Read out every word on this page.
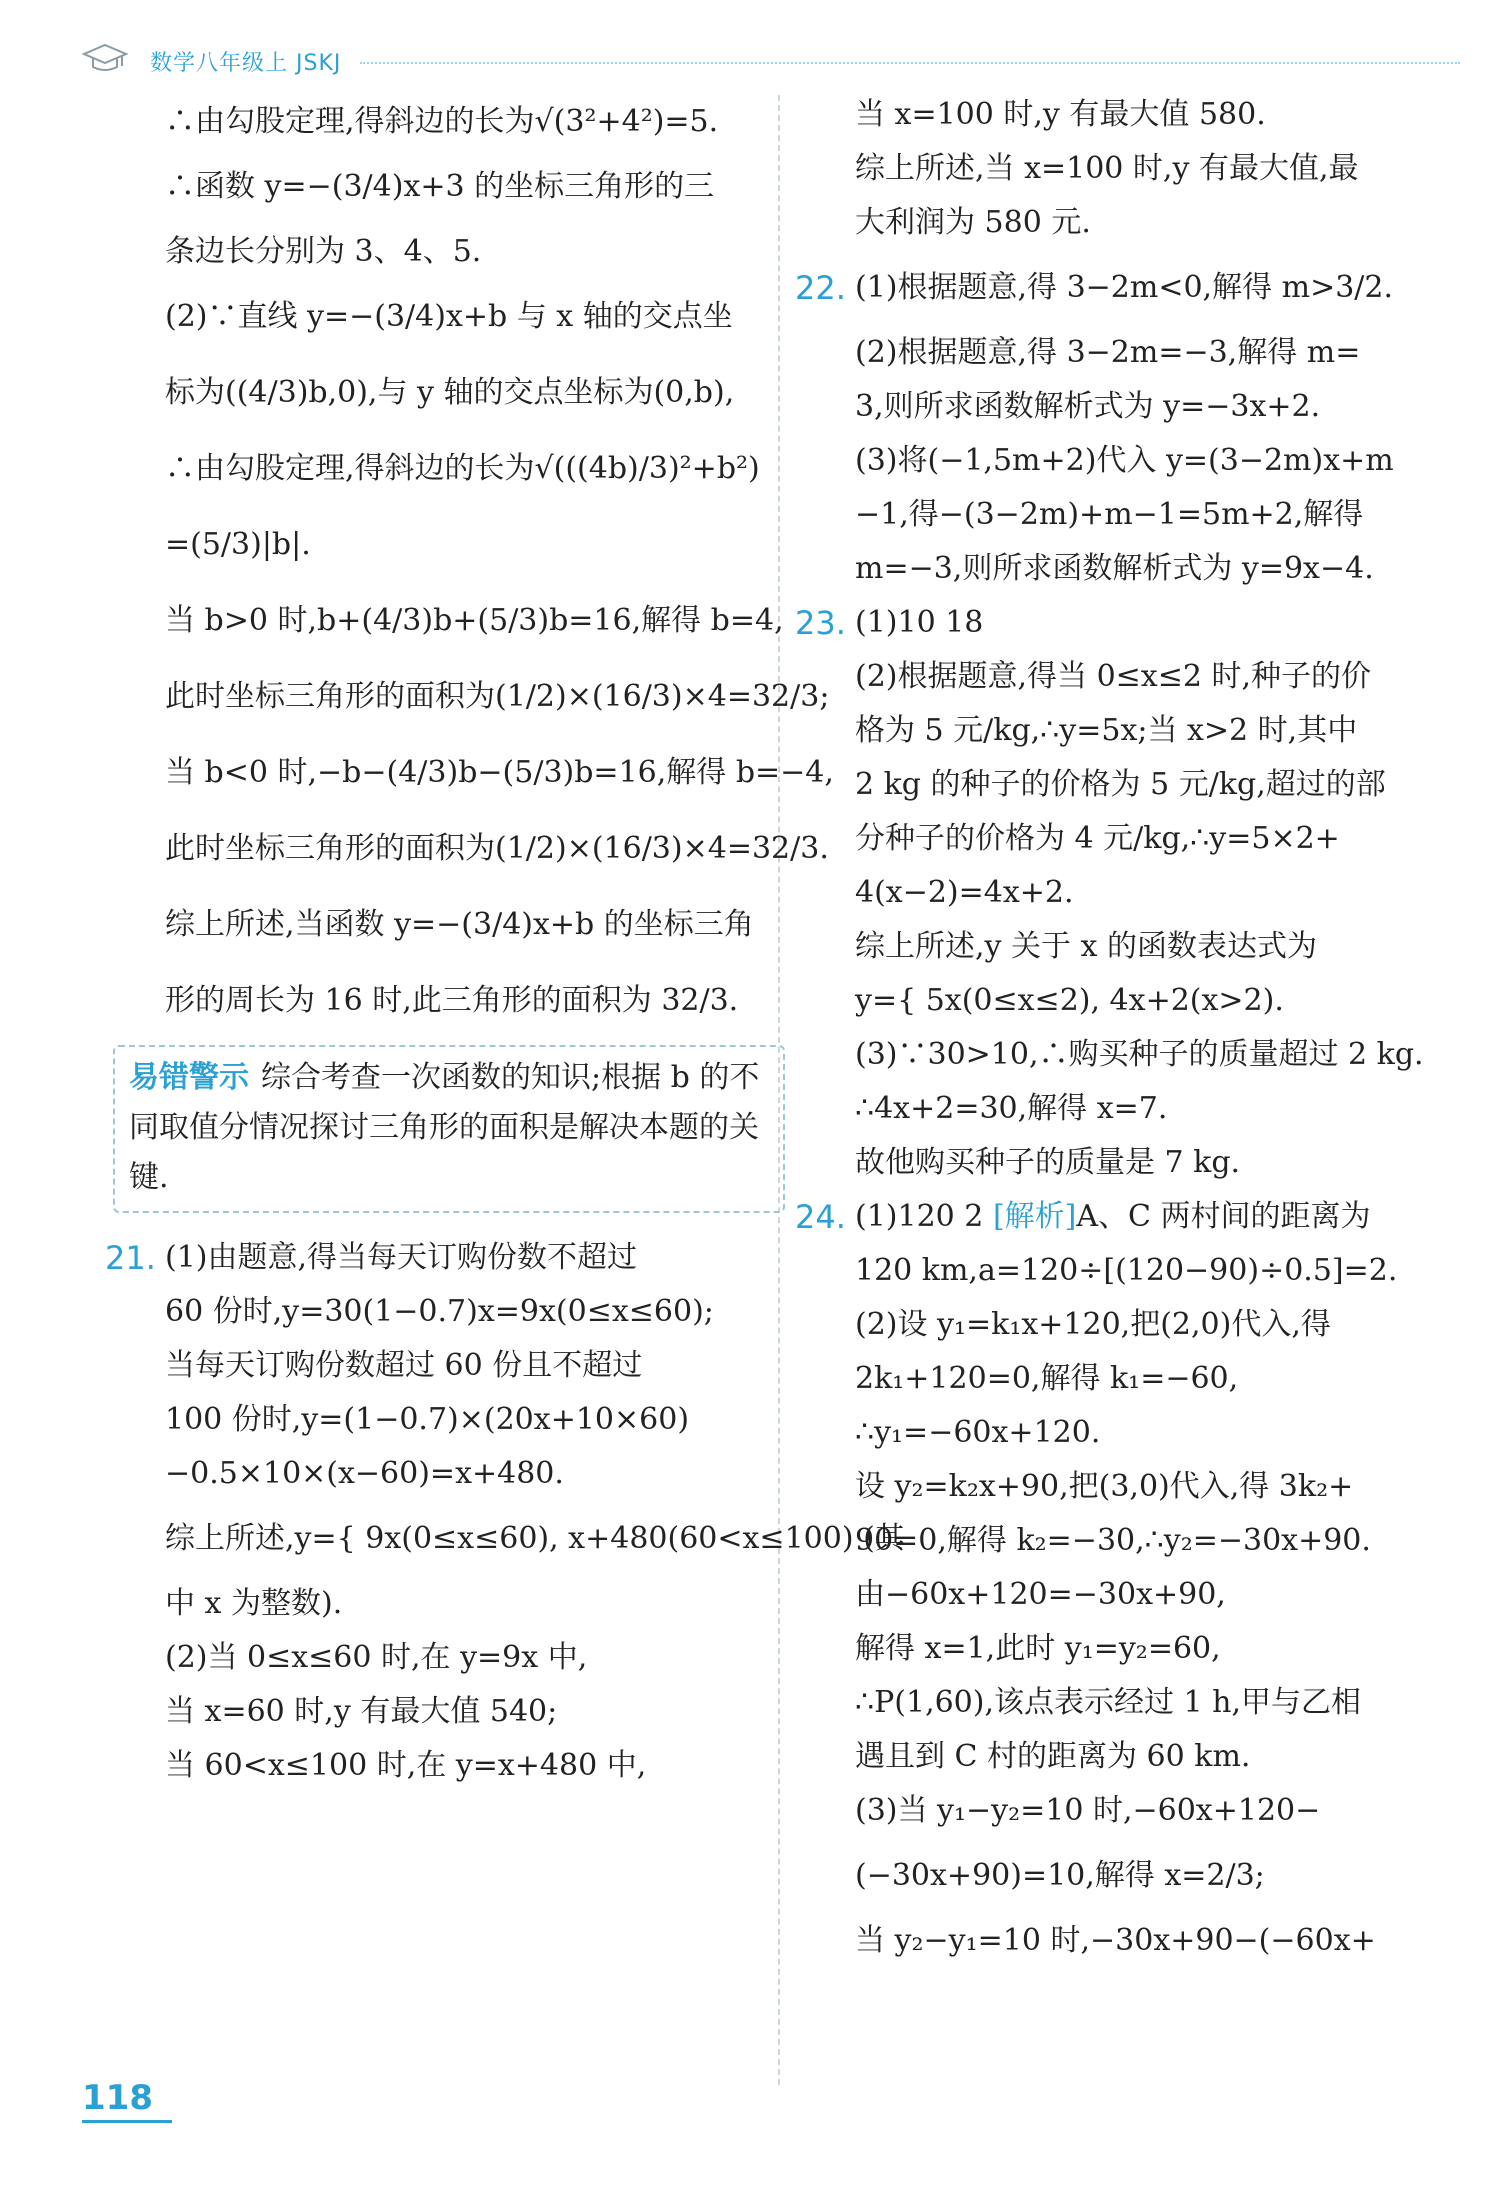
数学八年级上 JSKJ
∴由勾股定理,得斜边的长为√(3²+4²)=5.
∴函数 y=−(3/4)x+3 的坐标三角形的三
条边长分别为 3、4、5.
(2)∵直线 y=−(3/4)x+b 与 x 轴的交点坐
标为((4/3)b,0),与 y 轴的交点坐标为(0,b),
∴由勾股定理,得斜边的长为√(((4b)/3)²+b²)
=(5/3)|b|.
当 b>0 时,b+(4/3)b+(5/3)b=16,解得 b=4,
此时坐标三角形的面积为(1/2)×(16/3)×4=32/3;
当 b<0 时,−b−(4/3)b−(5/3)b=16,解得 b=−4,
此时坐标三角形的面积为(1/2)×(16/3)×4=32/3.
综上所述,当函数 y=−(3/4)x+b 的坐标三角
形的周长为 16 时,此三角形的面积为 32/3.
易错警示 综合考查一次函数的知识;根据 b 的不同取值分情况探讨三角形的面积是解决本题的关键.
21. (1)由题意,得当每天订购份数不超过
60 份时,y=30(1−0.7)x=9x(0≤x≤60);
当每天订购份数超过 60 份且不超过
100 份时,y=(1−0.7)×(20x+10×60)
−0.5×10×(x−60)=x+480.
综上所述,y={ 9x(0≤x≤60), x+480(60<x≤100) (其
中 x 为整数).
(2)当 0≤x≤60 时,在 y=9x 中,
当 x=60 时,y 有最大值 540;
当 60<x≤100 时,在 y=x+480 中,
当 x=100 时,y 有最大值 580.
综上所述,当 x=100 时,y 有最大值,最
大利润为 580 元.
22. (1)根据题意,得 3−2m<0,解得 m>3/2.
(2)根据题意,得 3−2m=−3,解得 m=
3,则所求函数解析式为 y=−3x+2.
(3)将(−1,5m+2)代入 y=(3−2m)x+m
−1,得−(3−2m)+m−1=5m+2,解得
m=−3,则所求函数解析式为 y=9x−4.
23. (1)10 18
(2)根据题意,得当 0≤x≤2 时,种子的价
格为 5 元/kg,∴y=5x;当 x>2 时,其中
2 kg 的种子的价格为 5 元/kg,超过的部
分种子的价格为 4 元/kg,∴y=5×2+
4(x−2)=4x+2.
综上所述,y 关于 x 的函数表达式为
y={ 5x(0≤x≤2), 4x+2(x>2).
(3)∵30>10,∴购买种子的质量超过 2 kg.
∴4x+2=30,解得 x=7.
故他购买种子的质量是 7 kg.
24. (1)120 2 [解析]A、C 两村间的距离为
120 km,a=120÷[(120−90)÷0.5]=2.
(2)设 y₁=k₁x+120,把(2,0)代入,得
2k₁+120=0,解得 k₁=−60,
∴y₁=−60x+120.
设 y₂=k₂x+90,把(3,0)代入,得 3k₂+
90=0,解得 k₂=−30,∴y₂=−30x+90.
由−60x+120=−30x+90,
解得 x=1,此时 y₁=y₂=60,
∴P(1,60),该点表示经过 1 h,甲与乙相
遇且到 C 村的距离为 60 km.
(3)当 y₁−y₂=10 时,−60x+120−
(−30x+90)=10,解得 x=2/3;
当 y₂−y₁=10 时,−30x+90−(−60x+
118
